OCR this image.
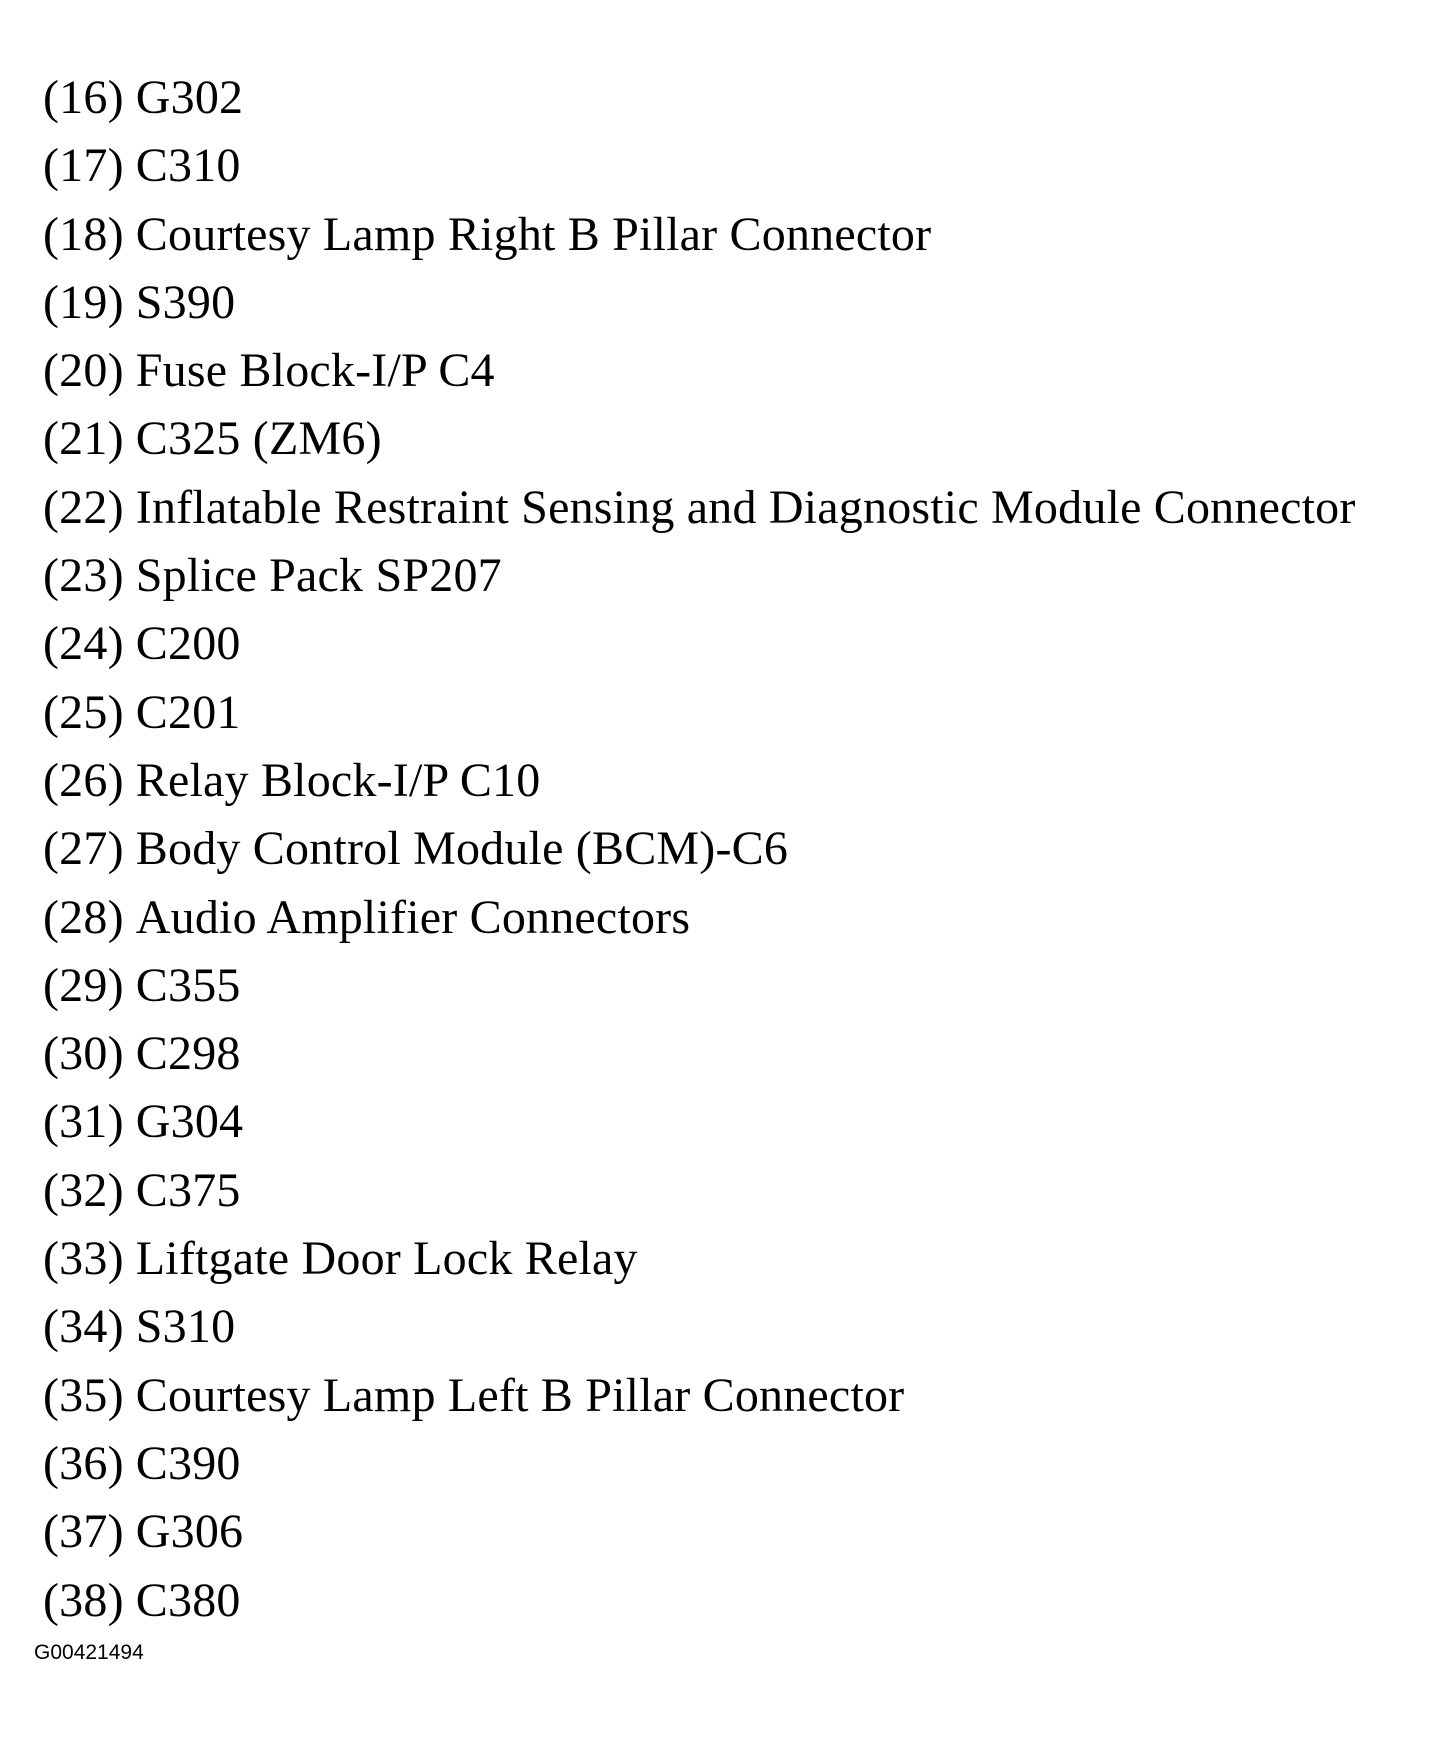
(16) G302
(17) C310
(18) Courtesy Lamp Right B Pillar Connector
(19) S390
(20) Fuse Block-I/P C4
(21) C325 (ZM6)
(22) Inflatable Restraint Sensing and Diagnostic Module Connector
(23) Splice Pack SP207
(24) C200
(25) C201
(26) Relay Block-I/P C10
(27) Body Control Module (BCM)-C6
(28) Audio Amplifier Connectors
(29) C355
(30) C298
(31) G304
(32) C375
(33) Liftgate Door Lock Relay
(34) S310
(35) Courtesy Lamp Left B Pillar Connector
(36) C390
(37) G306
(38) C380
G00421494
